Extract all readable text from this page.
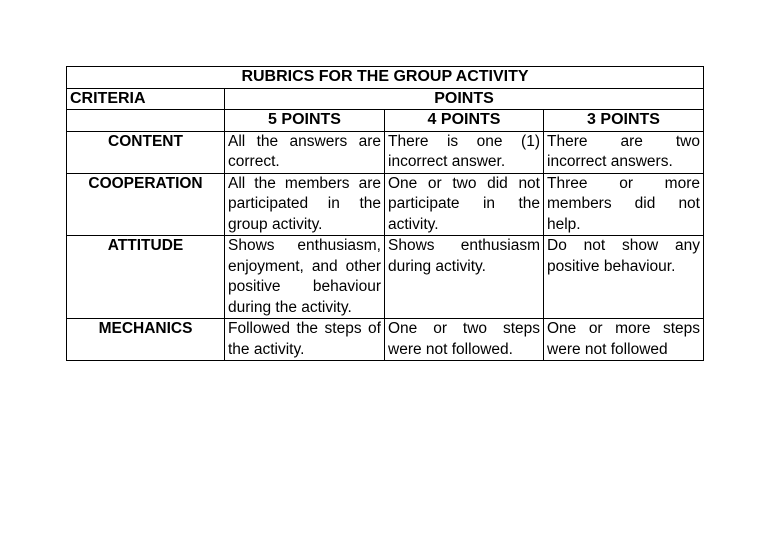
RUBRICS FOR THE GROUP ACTIVITY			
CRITERIA	POINTS		
	5 POINTS	4 POINTS	3 POINTS
CONTENT	All the answers are correct.	There is one (1) incorrect answer.	There are two incorrect answers.
COOPERATION	All the members are participated in the group activity.	One or two did not participate in the activity.	Three or more members did not help.
ATTITUDE	Shows enthusiasm, enjoyment, and other positive behaviour during the activity.	Shows enthusiasm during activity.	Do not show any positive behaviour.
MECHANICS	Followed the steps of the activity.	One or two steps were not followed.	One or more steps were not followed
